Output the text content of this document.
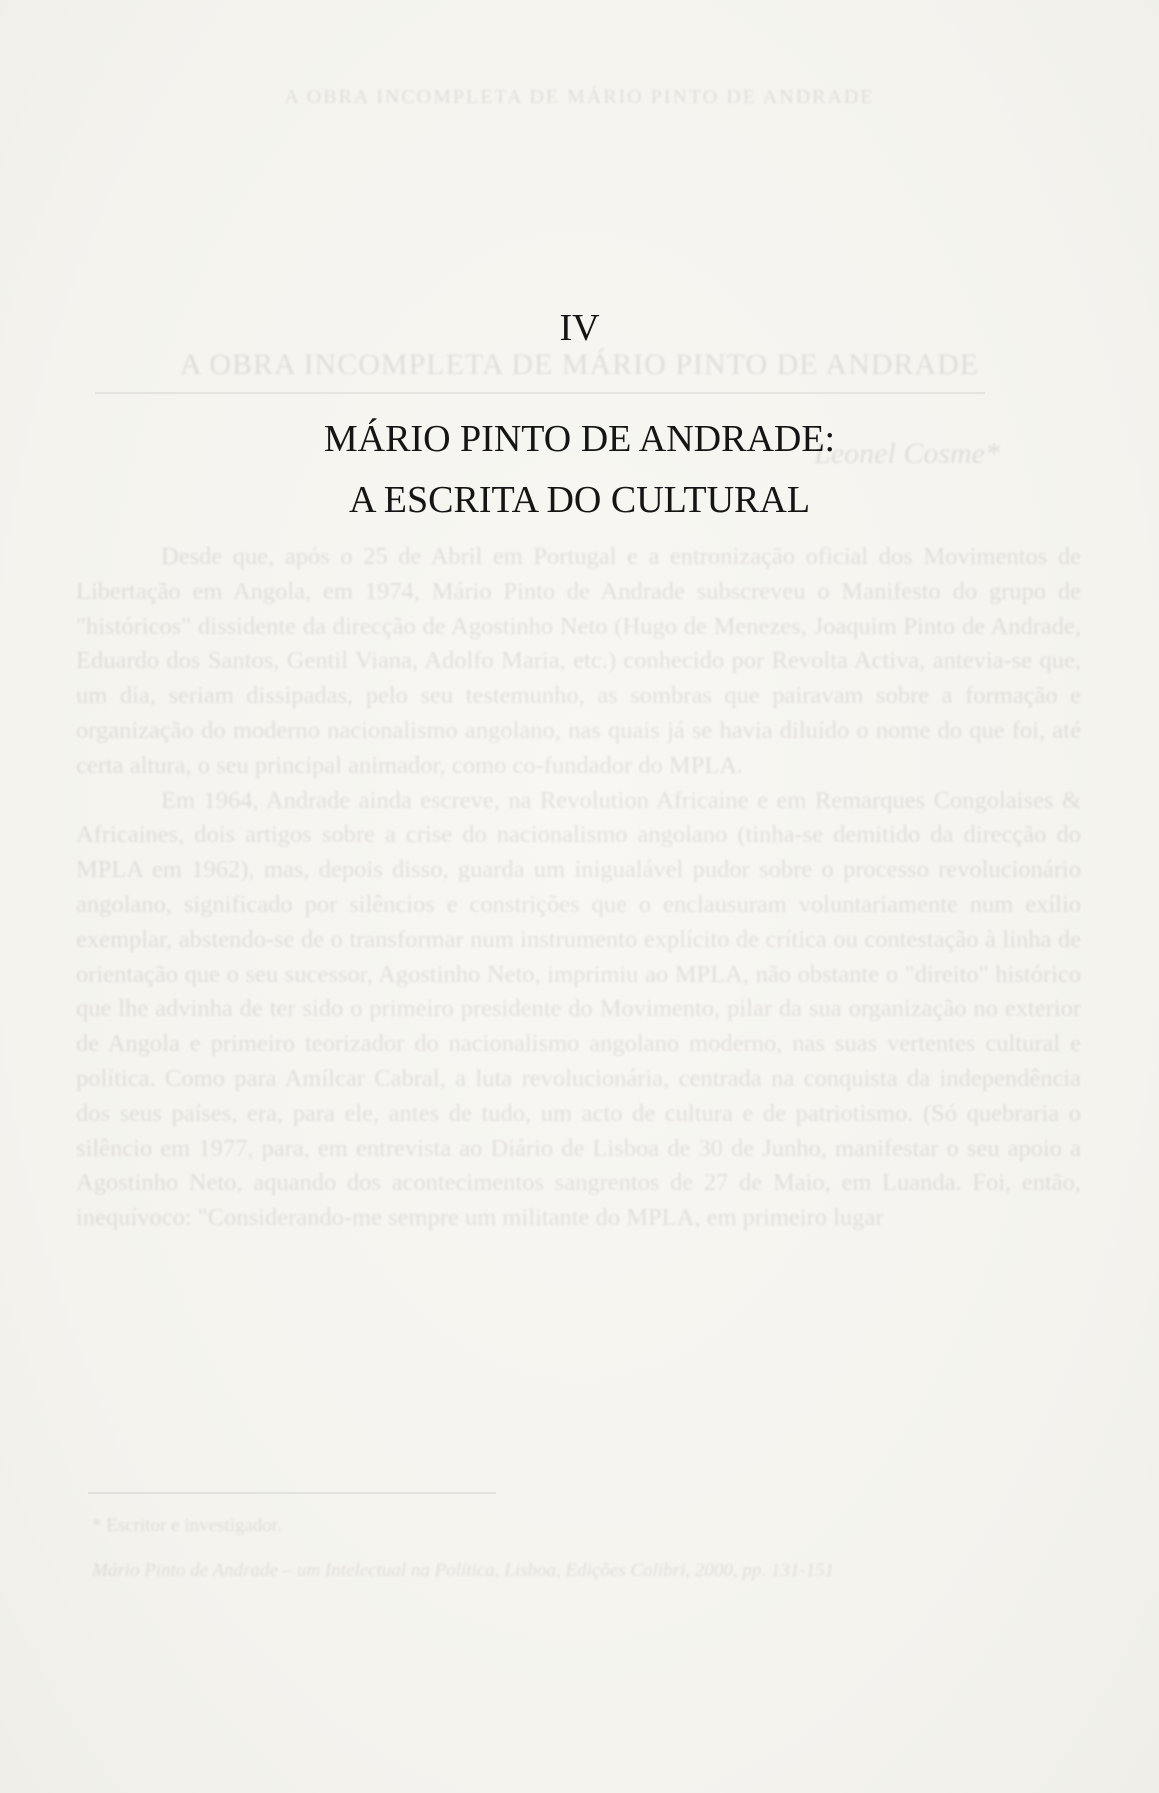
A OBRA INCOMPLETA DE MÁRIO PINTO DE ANDRADE
A OBRA INCOMPLETA DE MÁRIO PINTO DE ANDRADE
Leonel Cosme*

Desde que, após o 25 de Abril em Portugal e a entronização oficial dos Movimentos de Libertação em Angola, em 1974, Mário Pinto de Andrade subscreveu o Manifesto do grupo de "históricos" dissidente da direcção de Agostinho Neto (Hugo de Menezes, Joaquim Pinto de Andrade, Eduardo dos Santos, Gentil Viana, Adolfo Maria, etc.) conhecido por Revolta Activa, antevia-se que, um dia, seriam dissipadas, pelo seu testemunho, as sombras que pairavam sobre a formação e organização do moderno nacionalismo angolano, nas quais já se havia diluído o nome do que foi, até certa altura, o seu principal animador, como co-fundador do MPLA.

Em 1964, Andrade ainda escreve, na Revolution Africaine e em Remarques Congolaises & Africaines, dois artigos sobre a crise do nacionalismo angolano (tinha-se demitido da direcção do MPLA em 1962), mas, depois disso, guarda um inigualável pudor sobre o processo revolucionário angolano, significado por silêncios e constrições que o enclausuram voluntariamente num exílio exemplar, abstendo-se de o transformar num instrumento explícito de crítica ou contestação à linha de orientação que o seu sucessor, Agostinho Neto, imprimiu ao MPLA, não obstante o "direito" histórico que lhe advinha de ter sido o primeiro presidente do Movimento, pilar da sua organização no exterior de Angola e primeiro teorizador do nacionalismo angolano moderno, nas suas vertentes cultural e política. Como para Amílcar Cabral, a luta revolucionária, centrada na conquista da independência dos seus países, era, para ele, antes de tudo, um acto de cultura e de patriotismo. (Só quebraria o silêncio em 1977, para, em entrevista ao Diário de Lisboa de 30 de Junho, manifestar o seu apoio a Agostinho Neto, aquando dos acontecimentos sangrentos de 27 de Maio, em Luanda. Foi, então, inequívoco: "Considerando-me sempre um militante do MPLA, em primeiro lugar

* Escritor e investigador.
Mário Pinto de Andrade – um Intelectual na Política, Lisboa, Edições Colibri, 2000, pp. 131-151
IV
MÁRIO PINTO DE ANDRADE:
A ESCRITA DO CULTURAL
